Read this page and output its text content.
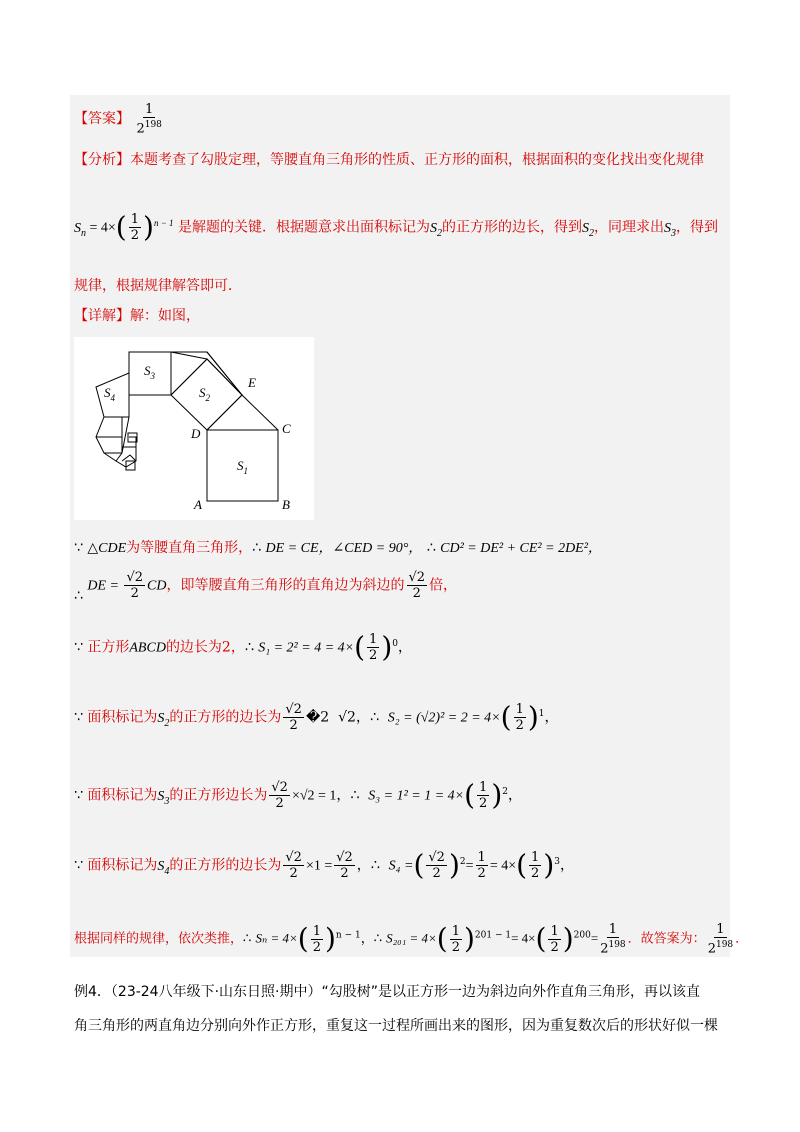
【答案】 $\frac{1}{2^{198}}$
【分析】本题考查了勾股定理，等腰直角三角形的性质、正方形的面积，根据面积的变化找出变化规律
$S_n = 4\times( \frac{1}{2} )^{n - 1}$ 是解题的关键．根据题意求出面积标记为$S_2$的正方形的边长，得到$S_2$，同理求出$S_3$，得到
规律，根据规律解答即可．
【详解】解：如图，
$S_1$
$S_2$
$S_3$
$S_4$
A	B
C
D
E
∵ △CDE为等腰直角三角形，∴ DE = CE，∠CED = 90°， ∴ CD² = DE² + CE² = 2DE²，
∴ DE = $\frac{√2}{2}$ CD，即等腰直角三角形的直角边为斜边的 $\frac{√2}{2}$ 倍，
∵ 正方形ABCD的边长为2，∴ $S_1 = 2^2 = 4 = 4\times( \frac{1}{2} )^0$，
∵ 面积标记为$S_2$的正方形的边长为 $\frac{√2}{2}$ �2 √2，∴ $S_2 = (√2)^2 = 2 = 4\times( \frac{1}{2} )^1$，
∵ 面积标记为$S_3$的正方形边长为 $\frac{√2}{2} \times√2 = 1$，∴ $S_3 = 1^2 = 1 = 4\times( \frac{1}{2} )^2$，
∵ 面积标记为$S_4$的正方形的边长为 $\frac{√2}{2} \times 1 = \frac{√2}{2}$ ，∴ S₄ =( $\frac{√2}{2} )^2= \frac{1}{2} = 4\times( \frac{1}{2} )^3$，
根据同样的规律，依次类推，∴ $S_n = 4\times( \frac{1}{2} )^{n - 1}$，∴ $S_{201} = 4\times( \frac{1}{2} )^{201 - 1}= 4\times( \frac{1}{2} )^{200}= \frac{1}{2^{198}}$ ．故答案为： $\frac{1}{2^{198}}$ ．
例4．（23-24八年级下·山东日照·期中）“勾股树”是以正方形一边为斜边向外作直角三角形，再以该直
角三角形的两直角边分别向外作正方形，重复这一过程所画出来的图形，因为重复数次后的形状好似一棵
